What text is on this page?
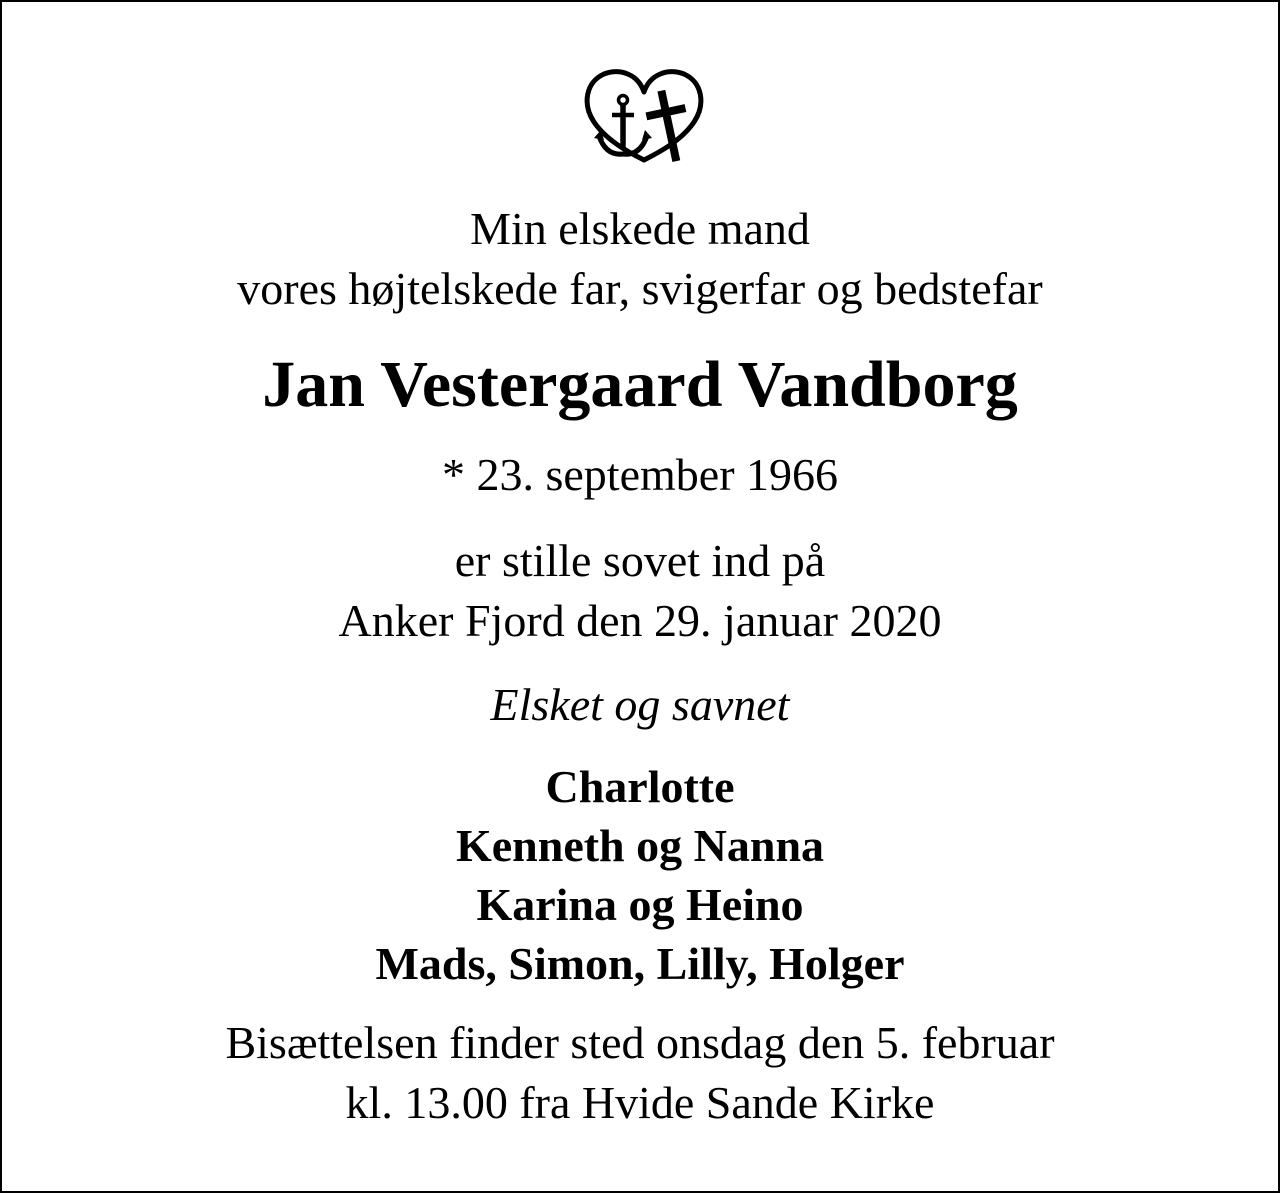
Min elskede mand
vores højtelskede far, svigerfar og bedstefar
Jan Vestergaard Vandborg
* 23. september 1966
er stille sovet ind på
Anker Fjord den 29. januar 2020
Elsket og savnet
Charlotte
Kenneth og Nanna
Karina og Heino
Mads, Simon, Lilly, Holger
Bisættelsen finder sted onsdag den 5. februar
kl. 13.00 fra Hvide Sande Kirke
